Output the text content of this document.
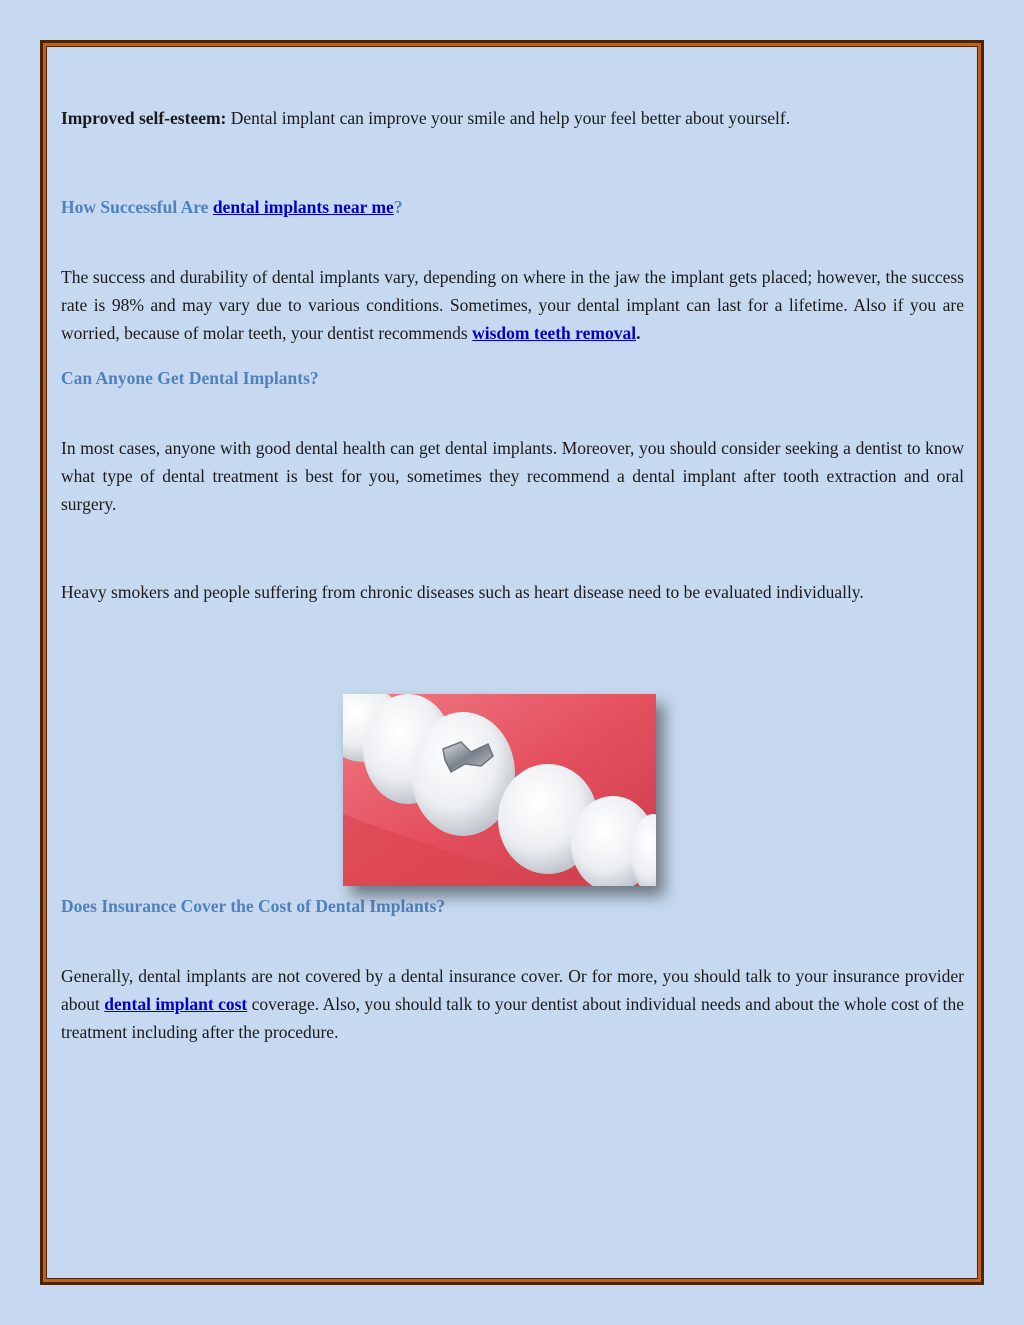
Improved self-esteem: Dental implant can improve your smile and help your feel better about yourself.

How Successful Are dental implants near me?

The success and durability of dental implants vary, depending on where in the jaw the implant gets placed; however, the success rate is 98% and may vary due to various conditions. Sometimes, your dental implant can last for a lifetime. Also if you are worried, because of molar teeth, your dentist recommends wisdom teeth removal.

Can Anyone Get Dental Implants?

In most cases, anyone with good dental health can get dental implants. Moreover, you should consider seeking a dentist to know what type of dental treatment is best for you, sometimes they recommend a dental implant after tooth extraction and oral surgery.

Heavy smokers and people suffering from chronic diseases such as heart disease need to be evaluated individually.

Does Insurance Cover the Cost of Dental Implants?

Generally, dental implants are not covered by a dental insurance cover. Or for more, you should talk to your insurance provider about dental implant cost coverage. Also, you should talk to your dentist about individual needs and about the whole cost of the treatment including after the procedure.
